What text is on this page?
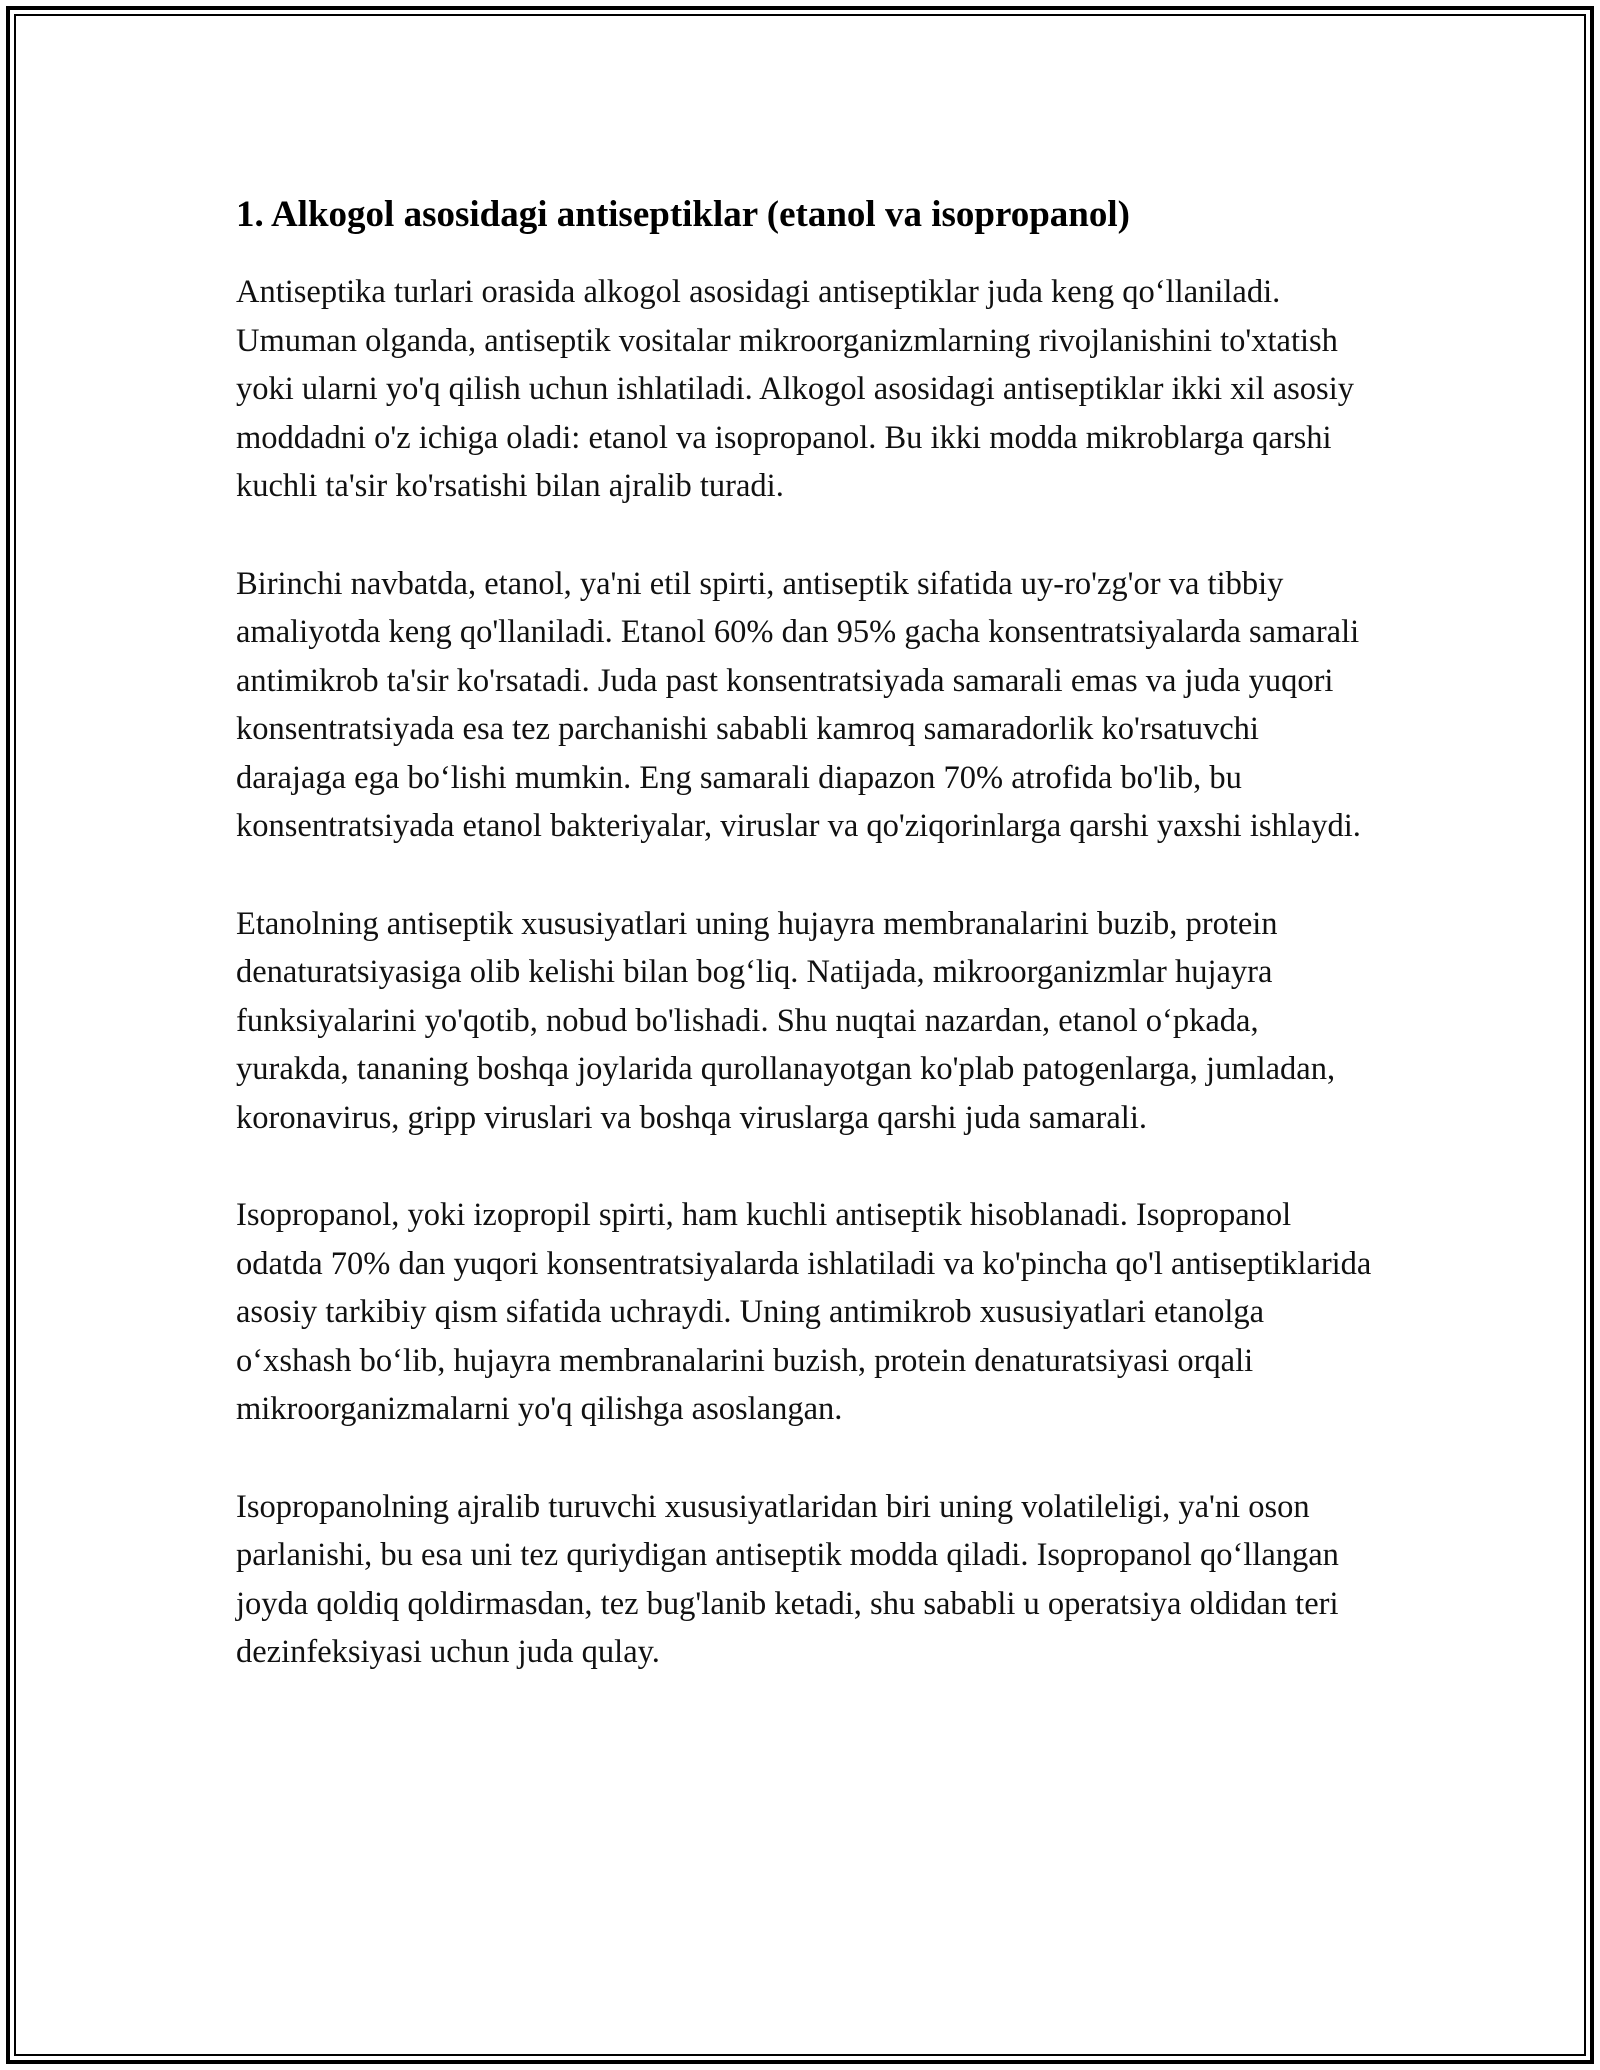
1. Alkogol asosidagi antiseptiklar (etanol va isopropanol)

Antiseptika turlari orasida alkogol asosidagi antiseptiklar juda keng qo‘llaniladi. Umuman olganda, antiseptik vositalar mikroorganizmlarning rivojlanishini to'xtatish yoki ularni yo'q qilish uchun ishlatiladi. Alkogol asosidagi antiseptiklar ikki xil asosiy moddadni o'z ichiga oladi: etanol va isopropanol. Bu ikki modda mikroblarga qarshi kuchli ta'sir ko'rsatishi bilan ajralib turadi.

Birinchi navbatda, etanol, ya'ni etil spirti, antiseptik sifatida uy-ro'zg'or va tibbiy amaliyotda keng qo'llaniladi. Etanol 60% dan 95% gacha konsentratsiyalarda samarali antimikrob ta'sir ko'rsatadi. Juda past konsentratsiyada samarali emas va juda yuqori konsentratsiyada esa tez parchanishi sababli kamroq samaradorlik ko'rsatuvchi darajaga ega bo‘lishi mumkin. Eng samarali diapazon 70% atrofida bo'lib, bu konsentratsiyada etanol bakteriyalar, viruslar va qo'ziqorinlarga qarshi yaxshi ishlaydi.

Etanolning antiseptik xususiyatlari uning hujayra membranalarini buzib, protein denaturatsiyasiga olib kelishi bilan bog‘liq. Natijada, mikroorganizmlar hujayra funksiyalarini yo'qotib, nobud bo'lishadi. Shu nuqtai nazardan, etanol o‘pkada, yurakda, tananing boshqa joylarida qurollanayotgan ko'plab patogenlarga, jumladan, koronavirus, gripp viruslari va boshqa viruslarga qarshi juda samarali.

Isopropanol, yoki izopropil spirti, ham kuchli antiseptik hisoblanadi. Isopropanol odatda 70% dan yuqori konsentratsiyalarda ishlatiladi va ko'pincha qo'l antiseptiklarida asosiy tarkibiy qism sifatida uchraydi. Uning antimikrob xususiyatlari etanolga o‘xshash bo‘lib, hujayra membranalarini buzish, protein denaturatsiyasi orqali mikroorganizmalarni yo'q qilishga asoslangan.

Isopropanolning ajralib turuvchi xususiyatlaridan biri uning volatileligi, ya'ni oson parlanishi, bu esa uni tez quriydigan antiseptik modda qiladi. Isopropanol qo‘llangan joyda qoldiq qoldirmasdan, tez bug'lanib ketadi, shu sababli u operatsiya oldidan teri dezinfeksiyasi uchun juda qulay.
